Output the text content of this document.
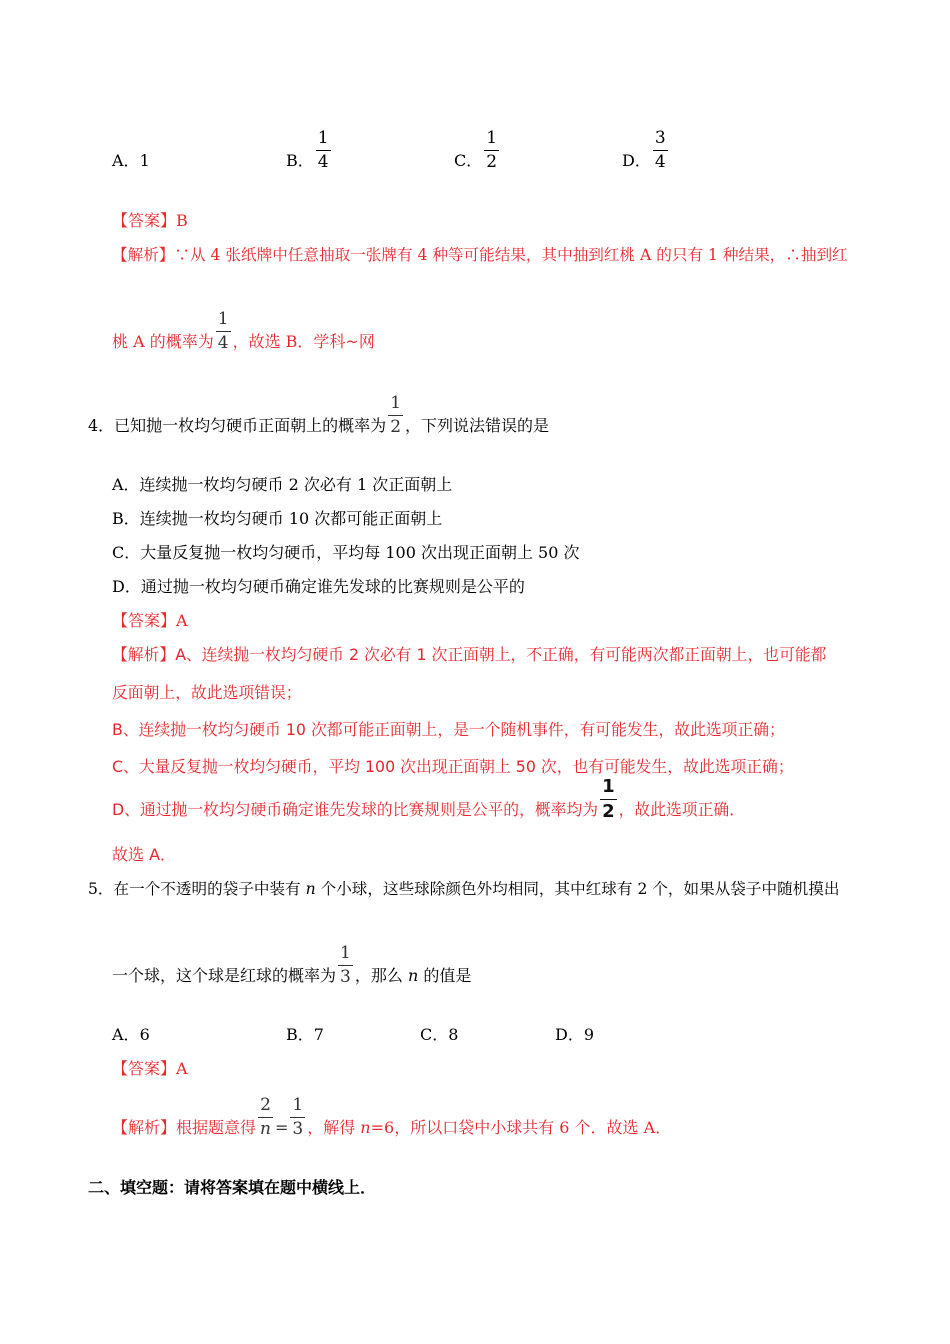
A．1	B． $\frac{1}{4}$	C． $\frac{1}{2}$	D． $\frac{3}{4}$
【答案】B
【解析】∵从 4 张纸牌中任意抽取一张牌有 4 种等可能结果，其中抽到红桃 A 的只有 1 种结果，∴抽到红
桃 A 的概率为 $\frac{1}{4}$ ，故选 B．学科~网
4．已知抛一枚均匀硬币正面朝上的概率为 $\frac{1}{2}$ ，下列说法错误的是
A．连续抛一枚均匀硬币 2 次必有 1 次正面朝上
B．连续抛一枚均匀硬币 10 次都可能正面朝上
C．大量反复抛一枚均匀硬币，平均每 100 次出现正面朝上 50 次
D．通过抛一枚均匀硬币确定谁先发球的比赛规则是公平的
【答案】A
【解析】A、连续抛一枚均匀硬币 2 次必有 1 次正面朝上，不正确，有可能两次都正面朝上，也可能都
反面朝上，故此选项错误；
B、连续抛一枚均匀硬币 10 次都可能正面朝上，是一个随机事件，有可能发生，故此选项正确；
C、大量反复抛一枚均匀硬币，平均 100 次出现正面朝上 50 次，也有可能发生，故此选项正确；
D、通过抛一枚均匀硬币确定谁先发球的比赛规则是公平的，概率均为 $\frac{1}{2}$ ，故此选项正确．
故选 A．
5．在一个不透明的袋子中装有 n 个小球，这些球除颜色外均相同，其中红球有 2 个，如果从袋子中随机摸出
一个球，这个球是红球的概率为 $\frac{1}{3}$ ，那么 n 的值是
A．6	B．7	C．8	D．9
【答案】A
【解析】根据题意得 $\frac{2}{n} = \frac{1}{3}$ ，解得 n=6，所以口袋中小球共有 6 个．故选 A．
二、填空题：请将答案填在题中横线上．
